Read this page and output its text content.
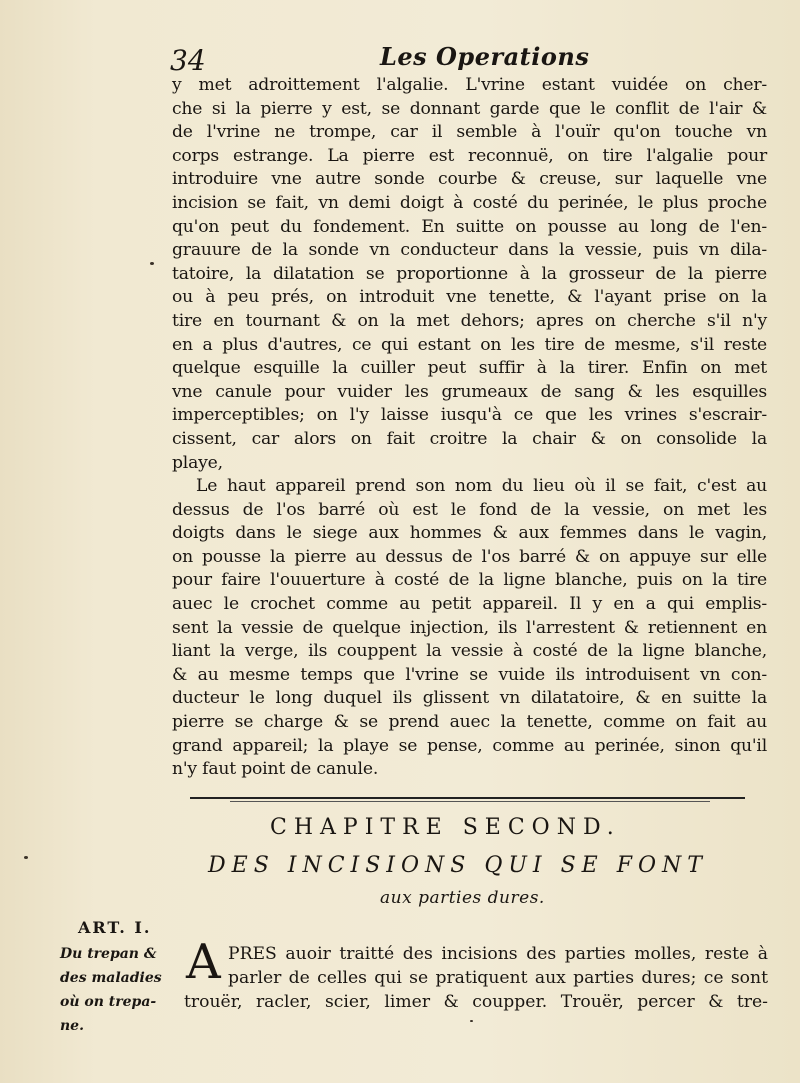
34	Les Operations
y met adroittement l'algalie. L'vrine estant vuidée on cher-
che si la pierre y est, se donnant garde que le conflit de l'air &
de l'vrine ne trompe, car il semble à l'ouïr qu'on touche vn
corps estrange. La pierre est reconnuë, on tire l'algalie pour
introduire vne autre sonde courbe & creuse, sur laquelle vne
incision se fait, vn demi doigt à costé du perinée, le plus proche
qu'on peut du fondement. En suitte on pousse au long de l'en-
grauure de la sonde vn conducteur dans la vessie, puis vn dila-
tatoire, la dilatation se proportionne à la grosseur de la pierre
ou à peu prés, on introduit vne tenette, & l'ayant prise on la
tire en tournant & on la met dehors; apres on cherche s'il n'y
en a plus d'autres, ce qui estant on les tire de mesme, s'il reste
quelque esquille la cuiller peut suffir à la tirer. Enfin on met
vne canule pour vuider les grumeaux de sang & les esquilles
imperceptibles; on l'y laisse iusqu'à ce que les vrines s'escrair-
cissent, car alors on fait croitre la chair & on consolide la
playe,
Le haut appareil prend son nom du lieu où il se fait, c'est au
dessus de l'os barré où est le fond de la vessie, on met les
doigts dans le siege aux hommes & aux femmes dans le vagin,
on pousse la pierre au dessus de l'os barré & on appuye sur elle
pour faire l'ouuerture à costé de la ligne blanche, puis on la tire
auec le crochet comme au petit appareil. Il y en a qui emplis-
sent la vessie de quelque injection, ils l'arrestent & retiennent en
liant la verge, ils couppent la vessie à costé de la ligne blanche,
& au mesme temps que l'vrine se vuide ils introduisent vn con-
ducteur le long duquel ils glissent vn dilatatoire, & en suitte la
pierre se charge & se prend auec la tenette, comme on fait au
grand appareil; la playe se pense, comme au perinée, sinon qu'il
n'y faut point de canule.
CHAPITRE SECOND.
DES INCISIONS QUI SE FONT
aux parties dures.
ART. I.
Du trepan &
des maladies
où on trepa-
ne.
A PRES auoir traitté des incisions des parties molles, reste à
parler de celles qui se pratiquent aux parties dures; ce sont
trouër, racler, scier, limer & coupper. Trouër, percer & tre-
